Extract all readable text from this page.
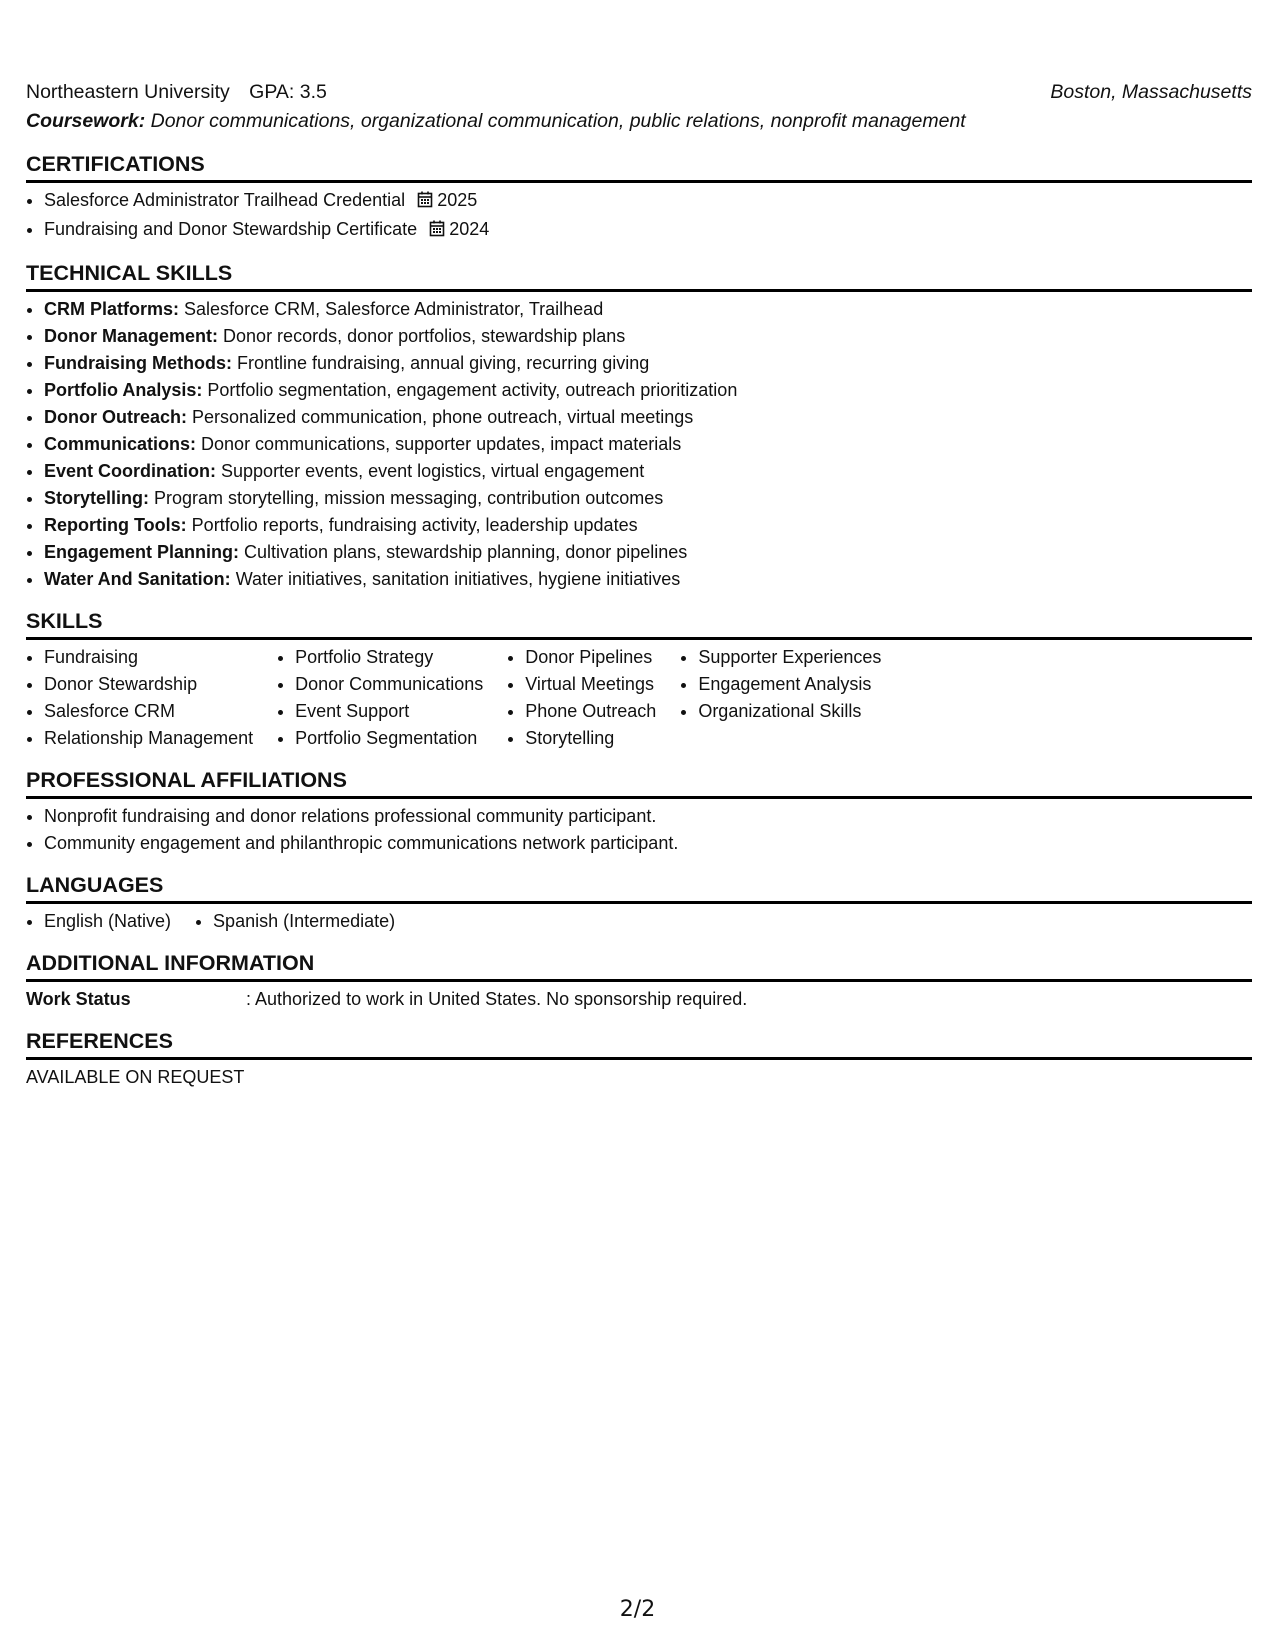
Northeastern University GPA: 3.5	Boston, Massachusetts
Coursework: Donor communications, organizational communication, public relations, nonprofit management
CERTIFICATIONS
• Salesforce Administrator Trailhead Credential 2025
• Fundraising and Donor Stewardship Certificate 2024
TECHNICAL SKILLS
• CRM Platforms: Salesforce CRM, Salesforce Administrator, Trailhead
• Donor Management: Donor records, donor portfolios, stewardship plans
• Fundraising Methods: Frontline fundraising, annual giving, recurring giving
• Portfolio Analysis: Portfolio segmentation, engagement activity, outreach prioritization
• Donor Outreach: Personalized communication, phone outreach, virtual meetings
• Communications: Donor communications, supporter updates, impact materials
• Event Coordination: Supporter events, event logistics, virtual engagement
• Storytelling: Program storytelling, mission messaging, contribution outcomes
• Reporting Tools: Portfolio reports, fundraising activity, leadership updates
• Engagement Planning: Cultivation plans, stewardship planning, donor pipelines
• Water And Sanitation: Water initiatives, sanitation initiatives, hygiene initiatives
SKILLS
• Fundraising
• Donor Stewardship
• Salesforce CRM
• Relationship Management
• Portfolio Strategy
• Donor Communications
• Event Support
• Portfolio Segmentation
• Donor Pipelines
• Virtual Meetings
• Phone Outreach
• Storytelling
• Supporter Experiences
• Engagement Analysis
• Organizational Skills
PROFESSIONAL AFFILIATIONS
• Nonprofit fundraising and donor relations professional community participant.
• Community engagement and philanthropic communications network participant.
LANGUAGES
• English (Native)
• Spanish (Intermediate)
ADDITIONAL INFORMATION
Work Status	: Authorized to work in United States. No sponsorship required.
REFERENCES
AVAILABLE ON REQUEST
2/2
